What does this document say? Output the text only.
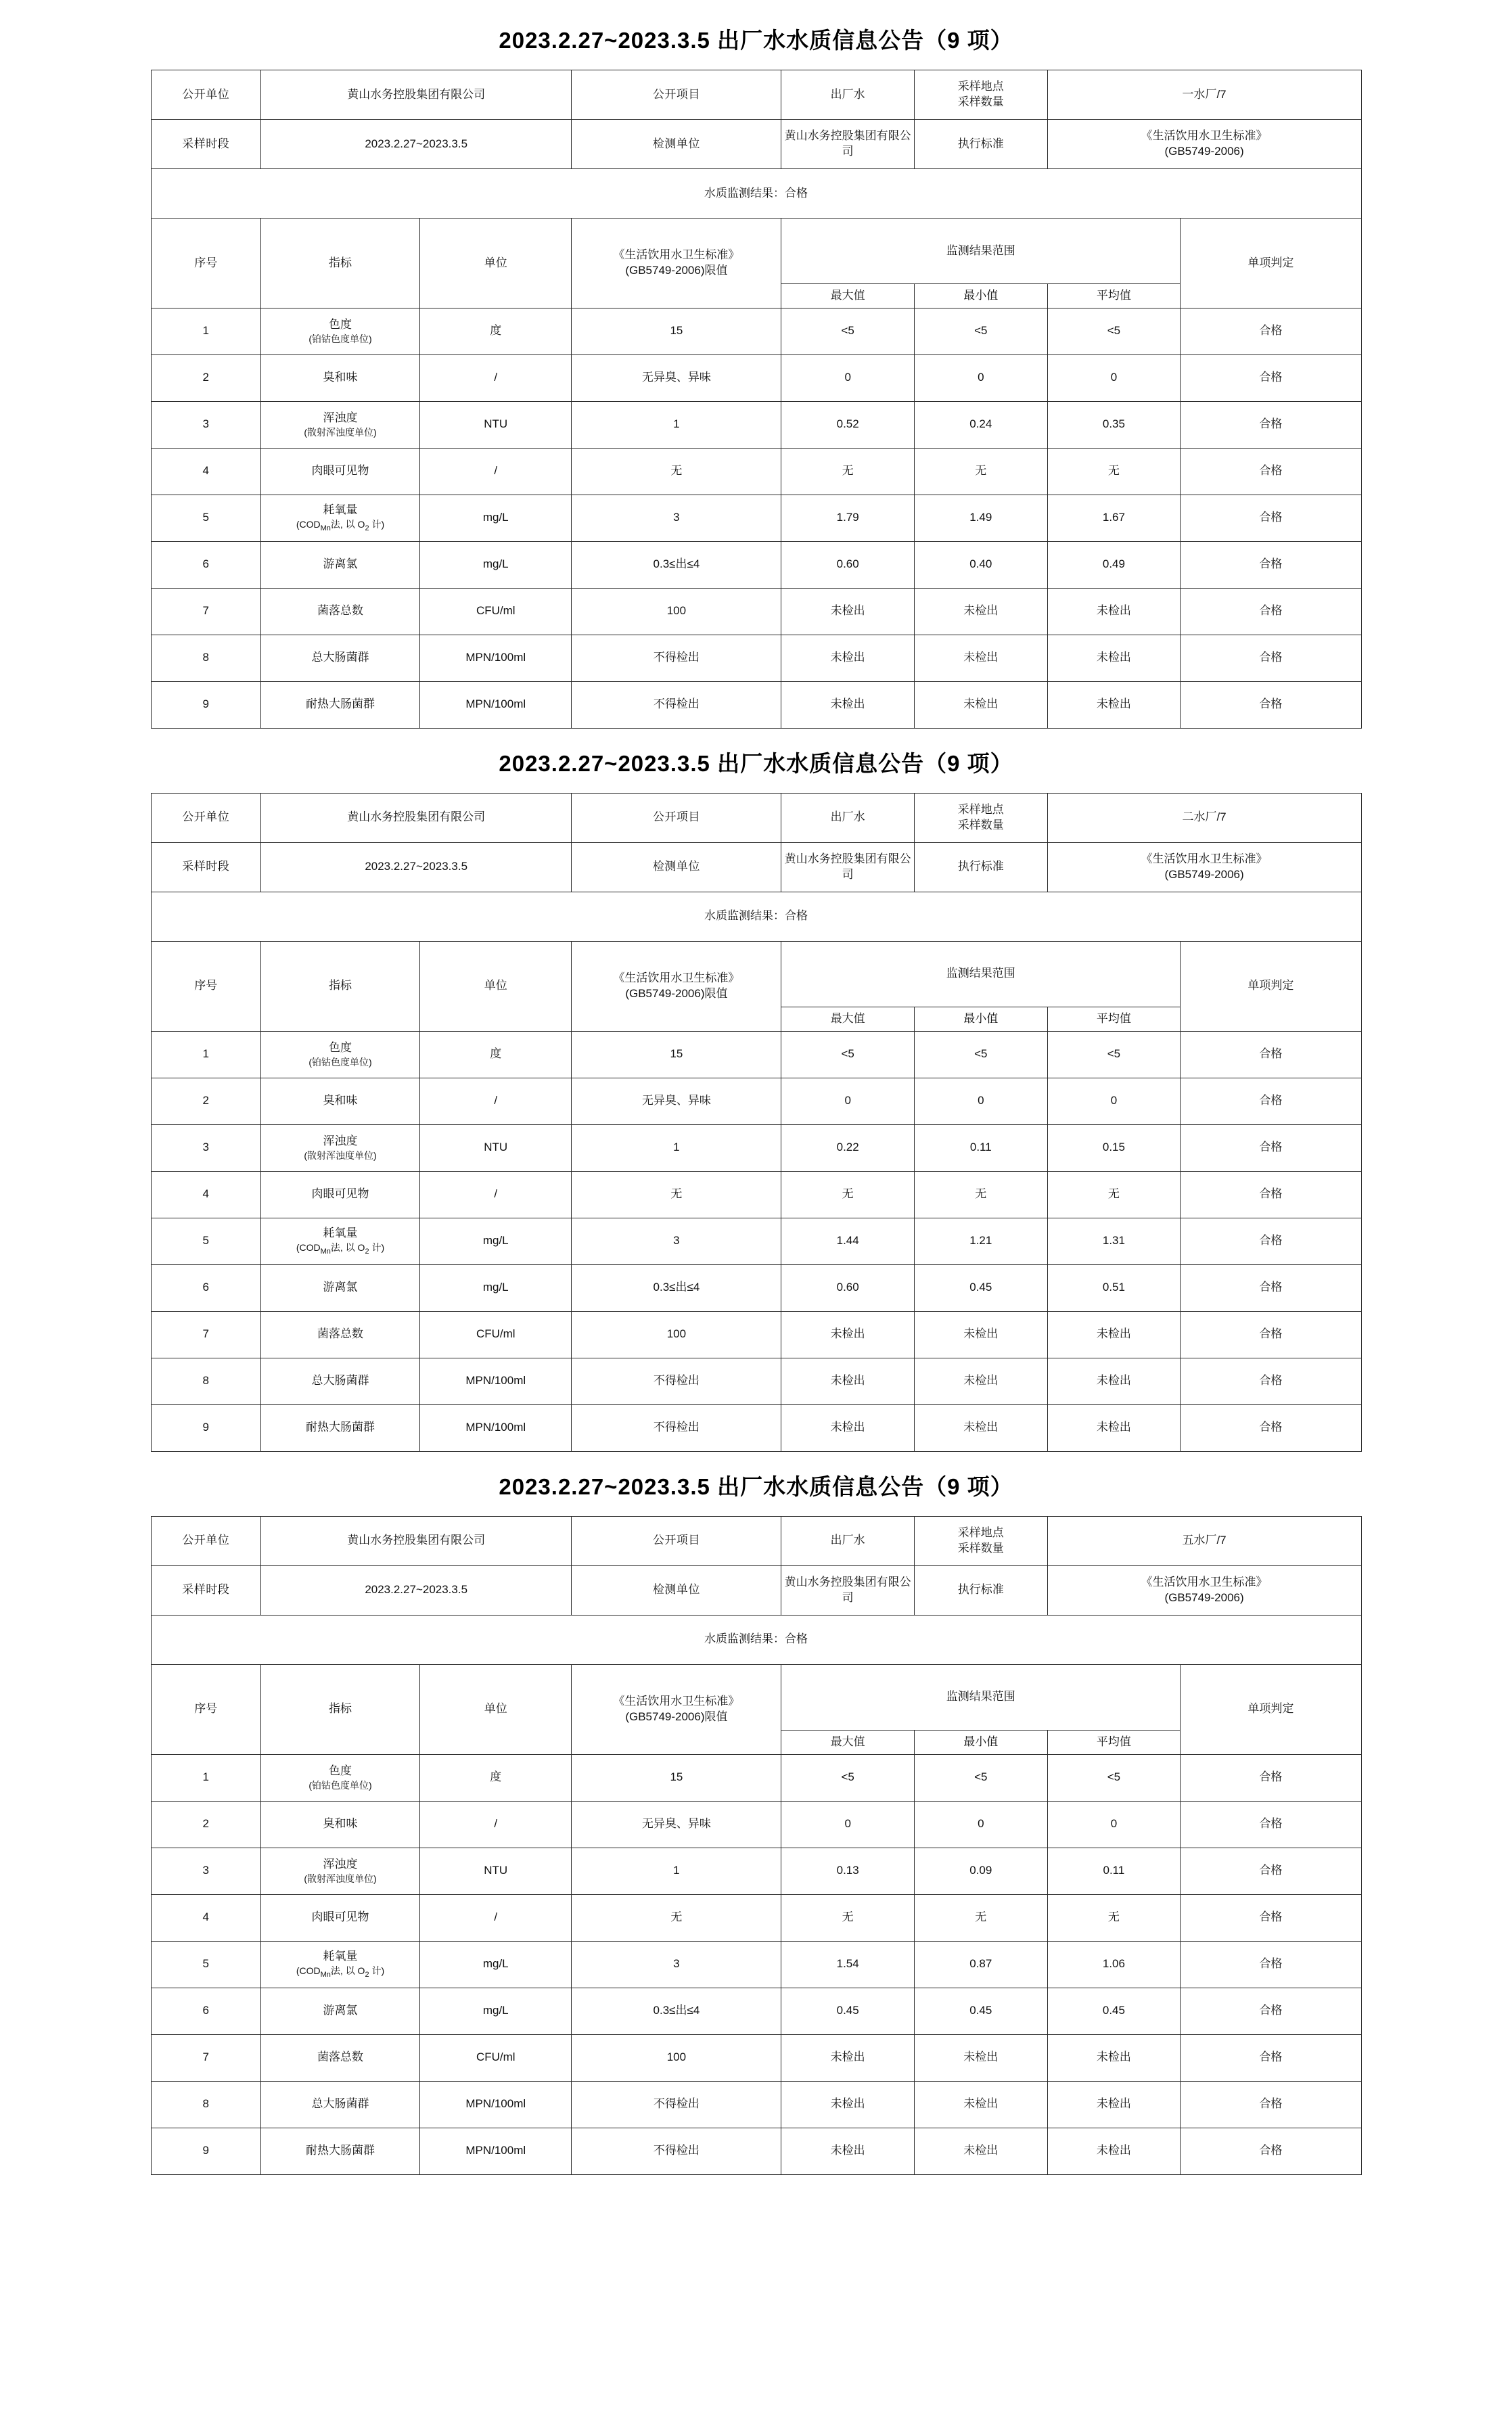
2023.2.27~2023.3.5 出厂水水质信息公告（9 项）
公开单位	黄山水务控股集团有限公司		公开项目	出厂水	采样地点
采样数量	一水厂/7	
采样时段	2023.2.27~2023.3.5		检测单位	黄山水务控股集团有限公司	执行标准	《生活饮用水卫生标准》
(GB5749-2006)	

水质监测结果：合格							
序号	指标	单位	《生活饮用水卫生标准》
(GB5749-2006)限值	监测结果范围			单项判定
				最大值	最小值	平均值	
1	色度
(铂钴色度单位)	度	15	<5	<5	<5	合格
2	臭和味	/	无异臭、异味	0	0	0	合格
3	浑浊度
(散射浑浊度单位)	NTU	1	0.52	0.24	0.35	合格
4	肉眼可见物	/	无	无	无	无	合格
5	耗氧量
($COD_{Mn}$法, 以 $O_2$ 计)	mg/L	3	1.79	1.49	1.67	合格
6	游离氯	mg/L	0.3≤出≤4	0.60	0.40	0.49	合格
7	菌落总数	CFU/ml	100	未检出	未检出	未检出	合格
8	总大肠菌群	MPN/100ml	不得检出	未检出	未检出	未检出	合格
9	耐热大肠菌群	MPN/100ml	不得检出	未检出	未检出	未检出	合格
2023.2.27~2023.3.5 出厂水水质信息公告（9 项）
公开单位	黄山水务控股集团有限公司		公开项目	出厂水	采样地点
采样数量	二水厂/7	
采样时段	2023.2.27~2023.3.5		检测单位	黄山水务控股集团有限公司	执行标准	《生活饮用水卫生标准》
(GB5749-2006)	

水质监测结果：合格							
序号	指标	单位	《生活饮用水卫生标准》
(GB5749-2006)限值	监测结果范围			单项判定
				最大值	最小值	平均值	
1	色度
(铂钴色度单位)	度	15	<5	<5	<5	合格
2	臭和味	/	无异臭、异味	0	0	0	合格
3	浑浊度
(散射浑浊度单位)	NTU	1	0.22	0.11	0.15	合格
4	肉眼可见物	/	无	无	无	无	合格
5	耗氧量
($COD_{Mn}$法, 以 $O_2$ 计)	mg/L	3	1.44	1.21	1.31	合格
6	游离氯	mg/L	0.3≤出≤4	0.60	0.45	0.51	合格
7	菌落总数	CFU/ml	100	未检出	未检出	未检出	合格
8	总大肠菌群	MPN/100ml	不得检出	未检出	未检出	未检出	合格
9	耐热大肠菌群	MPN/100ml	不得检出	未检出	未检出	未检出	合格
2023.2.27~2023.3.5 出厂水水质信息公告（9 项）
公开单位	黄山水务控股集团有限公司		公开项目	出厂水	采样地点
采样数量	五水厂/7	
采样时段	2023.2.27~2023.3.5		检测单位	黄山水务控股集团有限公司	执行标准	《生活饮用水卫生标准》
(GB5749-2006)	

水质监测结果：合格							
序号	指标	单位	《生活饮用水卫生标准》
(GB5749-2006)限值	监测结果范围			单项判定
				最大值	最小值	平均值	
1	色度
(铂钴色度单位)	度	15	<5	<5	<5	合格
2	臭和味	/	无异臭、异味	0	0	0	合格
3	浑浊度
(散射浑浊度单位)	NTU	1	0.13	0.09	0.11	合格
4	肉眼可见物	/	无	无	无	无	合格
5	耗氧量
($COD_{Mn}$法, 以 $O_2$ 计)	mg/L	3	1.54	0.87	1.06	合格
6	游离氯	mg/L	0.3≤出≤4	0.45	0.45	0.45	合格
7	菌落总数	CFU/ml	100	未检出	未检出	未检出	合格
8	总大肠菌群	MPN/100ml	不得检出	未检出	未检出	未检出	合格
9	耐热大肠菌群	MPN/100ml	不得检出	未检出	未检出	未检出	合格
